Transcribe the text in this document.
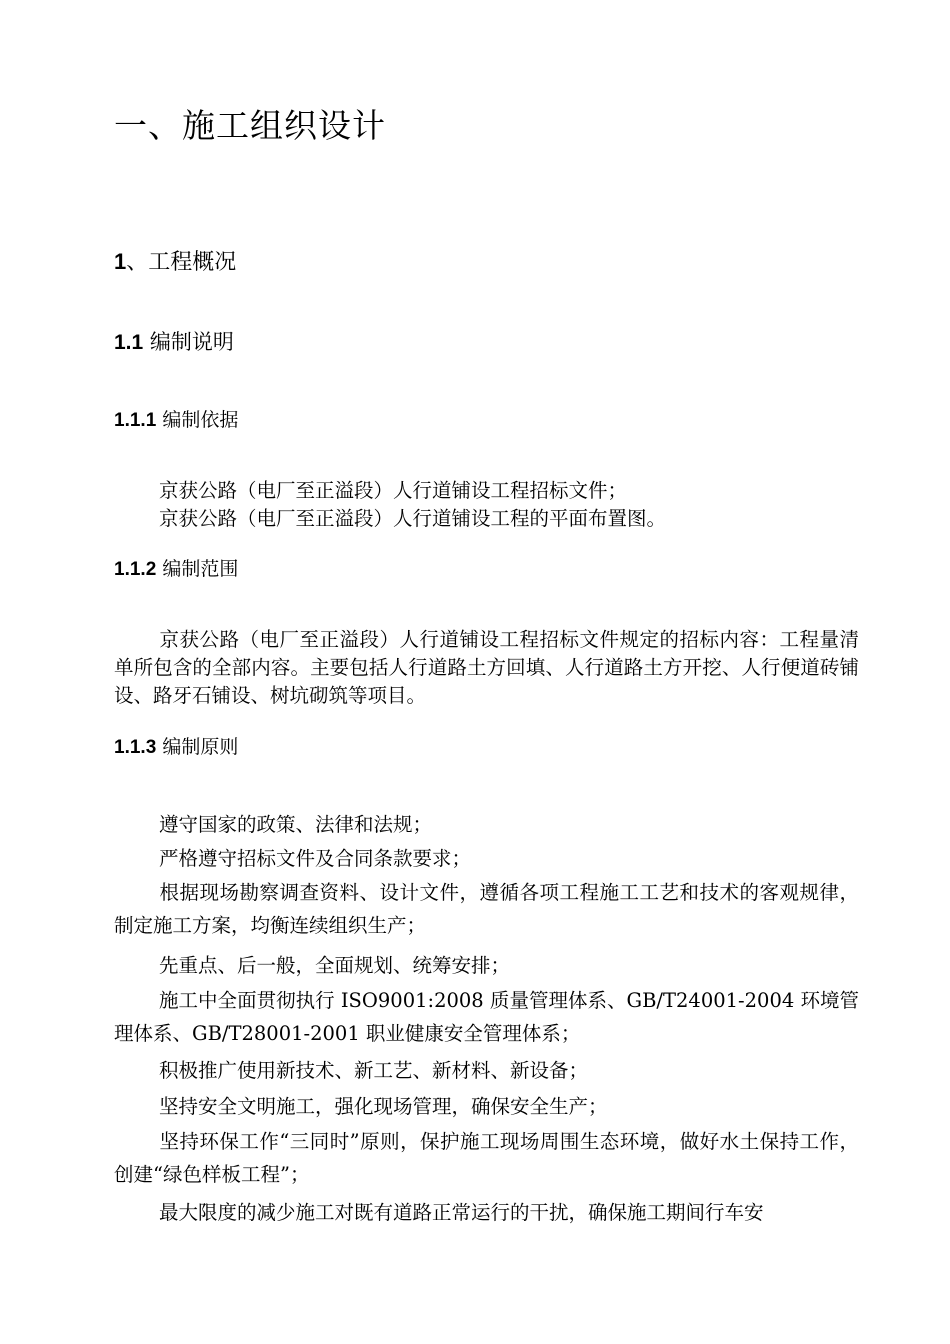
一、施工组织设计
1、工程概况
1.1 编制说明
1.1.1 编制依据
京获公路（电厂至正溢段）人行道铺设工程招标文件；
京获公路（电厂至正溢段）人行道铺设工程的平面布置图。
1.1.2 编制范围
京获公路（电厂至正溢段）人行道铺设工程招标文件规定的招标内容：工程量清单所包含的全部内容。主要包括人行道路土方回填、人行道路土方开挖、人行便道砖铺设、路牙石铺设、树坑砌筑等项目。
1.1.3 编制原则
遵守国家的政策、法律和法规；
严格遵守招标文件及合同条款要求；
根据现场勘察调查资料、设计文件，遵循各项工程施工工艺和技术的客观规律，制定施工方案，均衡连续组织生产；
先重点、后一般，全面规划、统筹安排；
施工中全面贯彻执行 ISO9001:2008 质量管理体系、GB/T24001-2004 环境管理体系、GB/T28001-2001 职业健康安全管理体系；
积极推广使用新技术、新工艺、新材料、新设备；
坚持安全文明施工，强化现场管理，确保安全生产；
坚持环保工作“三同时”原则，保护施工现场周围生态环境，做好水土保持工作，创建“绿色样板工程”；
最大限度的减少施工对既有道路正常运行的干扰，确保施工期间行车安
